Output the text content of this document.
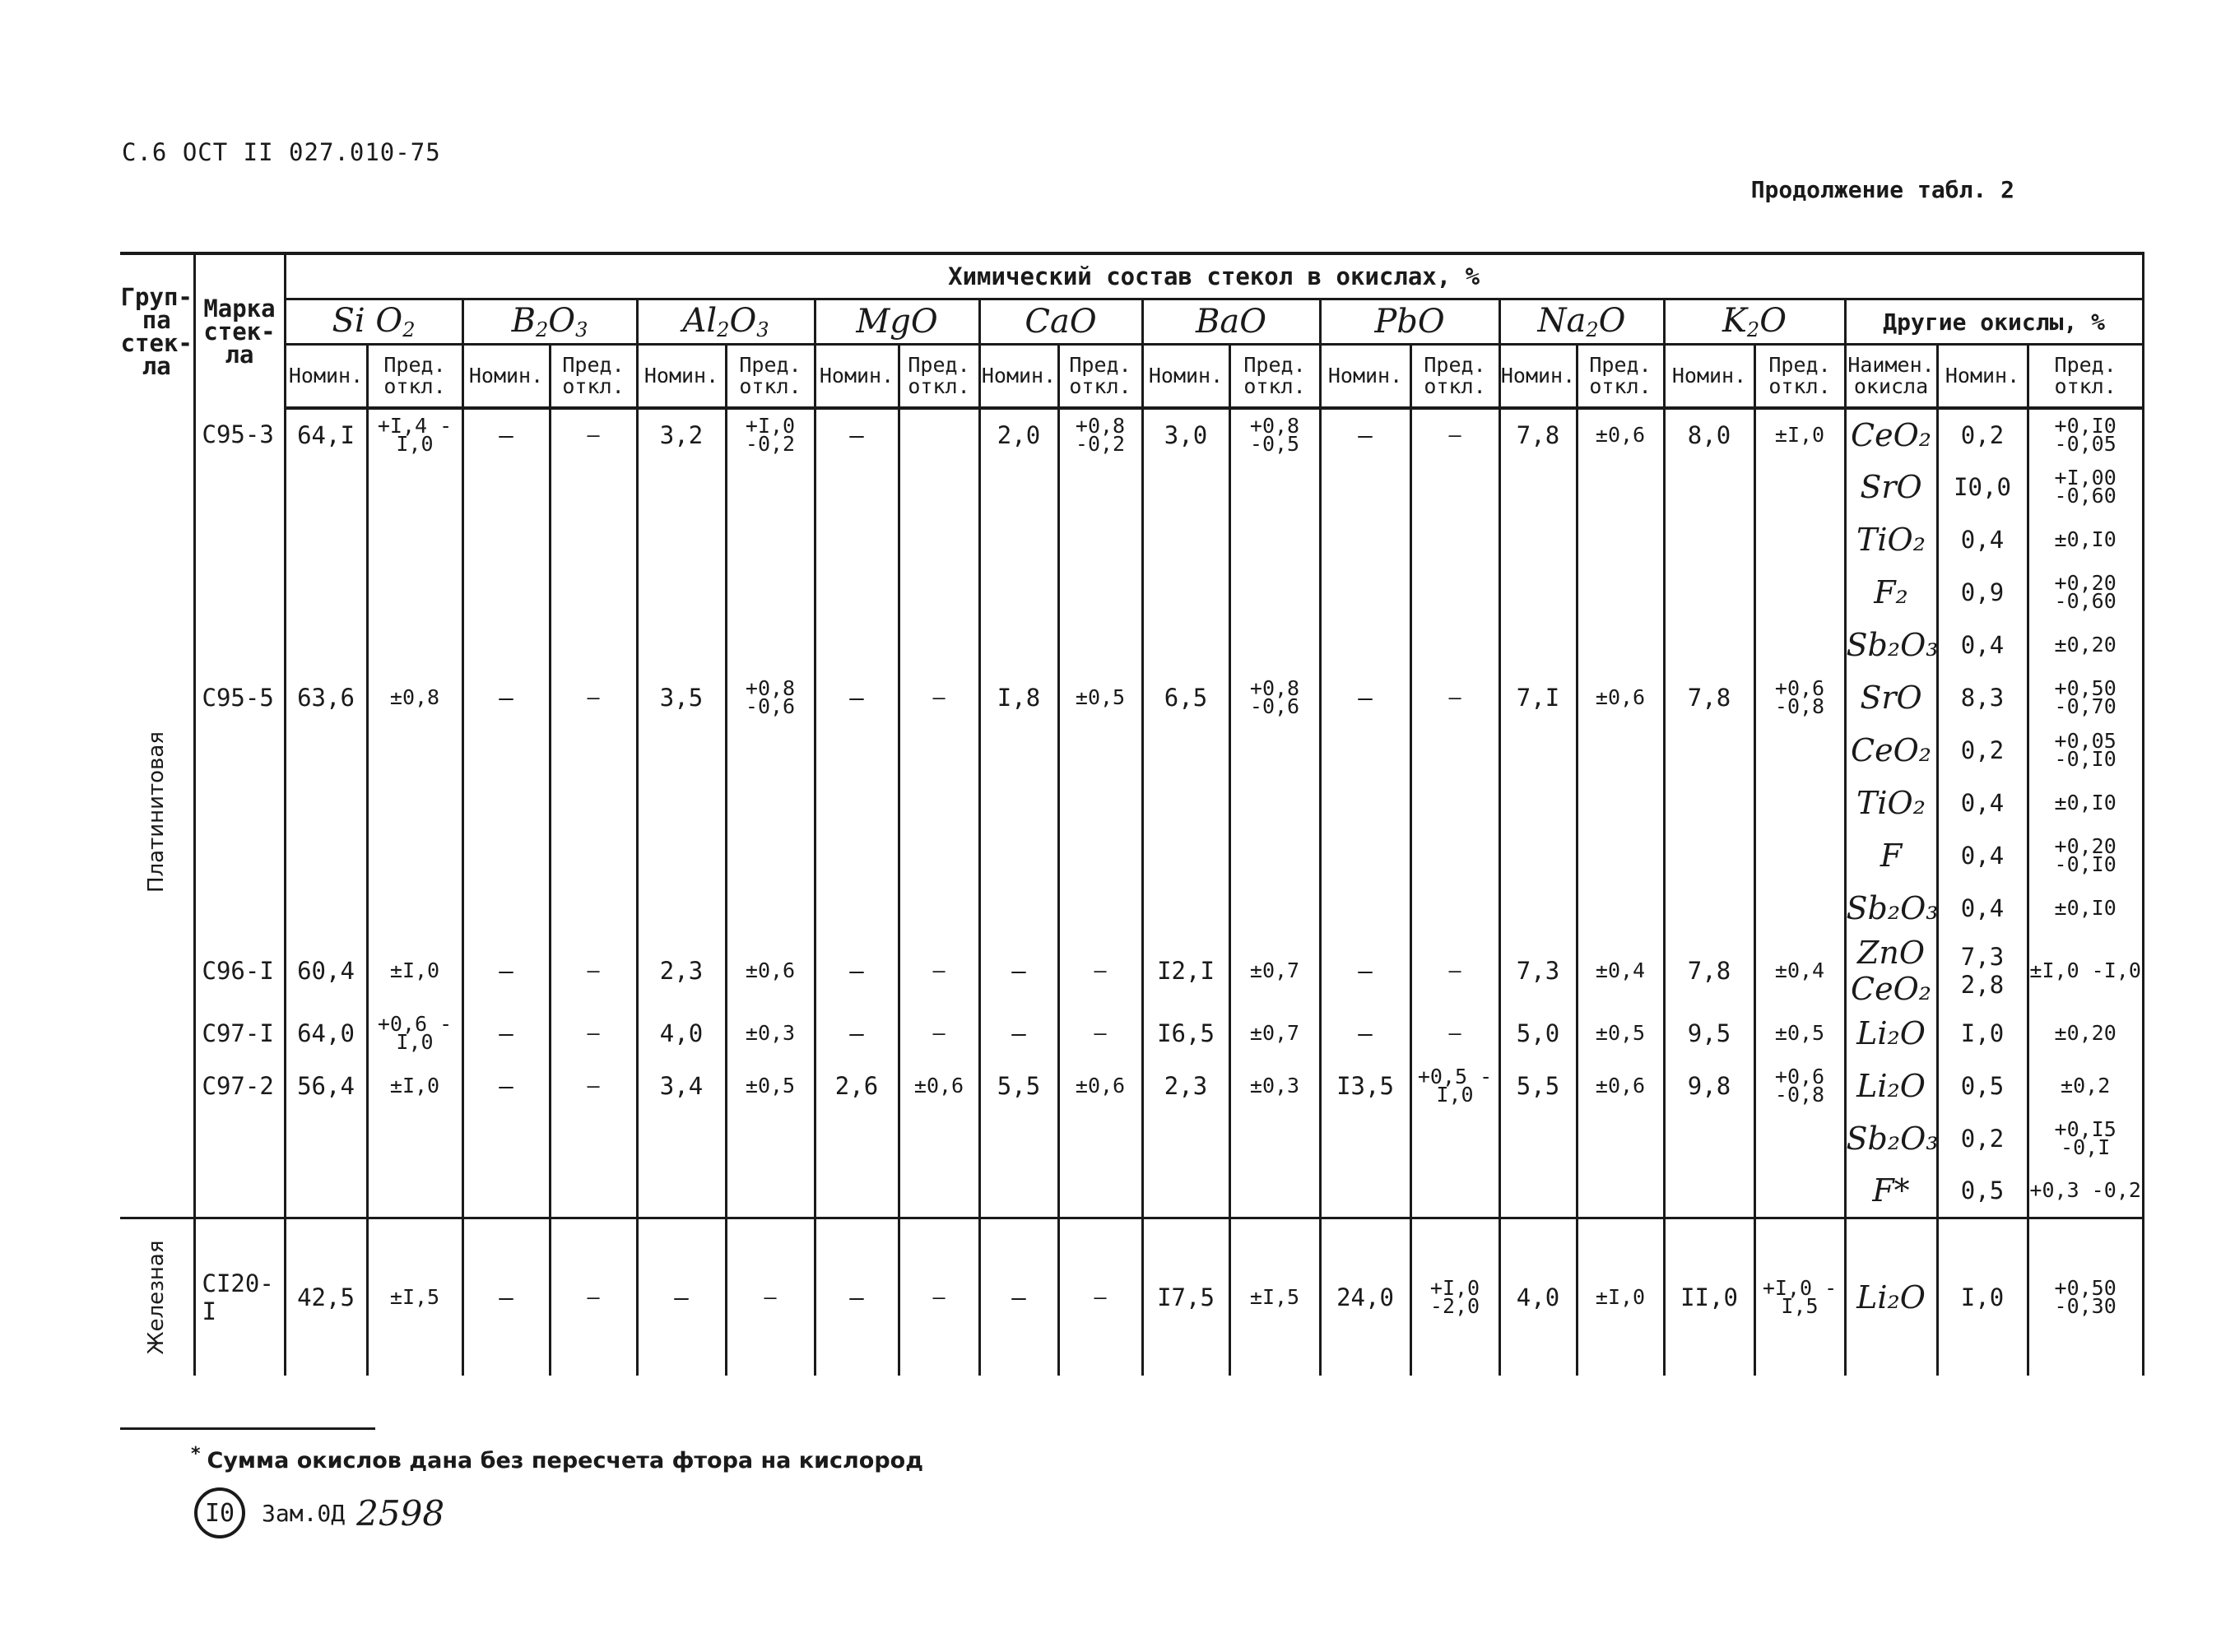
С.6 ОСТ II 027.010-75
Продолжение табл. 2
Груп-па стек-ла	Марка стек-ла	Химический состав стекол в окислах, %																				
		Si $O_2$		$B_2O_3$		$Al_2O_3$		MgO		CaO		BaO		PbO		$Na_2O$		$K_2O$		Другие окислы, %		
		Номин.	Пред. откл.	Номин.	Пред. откл.	Номин.	Пред. откл.	Номин.	Пред. откл.	Номин.	Пред. откл.	Номин.	Пред. откл.	Номин.	Пред. откл.	Номин.	Пред. откл.	Номин.	Пред. откл.	Наимен. окисла	Номин.	Пред. откл.

Платинитовая	С95-3	64,I	+I,4 -I,0	–	–	3,2	+I,0 -0,2	–		2,0	+0,8 -0,2	3,0	+0,8 -0,5	–	–	7,8	±0,6	8,0	±I,0	CeO₂	0,2	+0,I0 -0,05
																				SrO	I0,0	+I,00 -0,60
																				TiO₂	0,4	±0,I0
																				F₂	0,9	+0,20 -0,60
																				Sb₂O₃	0,4	±0,20
	С95-5	63,6	±0,8	–	–	3,5	+0,8 -0,6	–	–	I,8	±0,5	6,5	+0,8 -0,6	–	–	7,I	±0,6	7,8	+0,6 -0,8	SrO	8,3	+0,50 -0,70
																				CeO₂	0,2	+0,05 -0,I0
																				TiO₂	0,4	±0,I0
																				F	0,4	+0,20 -0,I0
																				Sb₂O₃	0,4	±0,I0
	С96-I	60,4	±I,0	–	–	2,3	±0,6	–	–	–	–	I2,I	±0,7	–	–	7,3	±0,4	7,8	±0,4	ZnO CeO₂	7,3 2,8	±I,0 -I,0
	С97-I	64,0	+0,6 -I,0	–	–	4,0	±0,3	–	–	–	–	I6,5	±0,7	–	–	5,0	±0,5	9,5	±0,5	Li₂O	I,0	±0,20
	С97-2	56,4	±I,0	–	–	3,4	±0,5	2,6	±0,6	5,5	±0,6	2,3	±0,3	I3,5	+0,5 -I,0	5,5	±0,6	9,8	+0,6 -0,8	Li₂O	0,5	±0,2
																				Sb₂O₃	0,2	+0,I5 -0,I
																				F*	0,5	+0,3 -0,2

Железная	СI20-I	42,5	±I,5	–	–	–	–	–	–	–	–	I7,5	±I,5	24,0	+I,0 -2,0	4,0	±I,0	II,0	+I,0 -I,5	Li₂O	I,0	+0,50 -0,30
* Сумма окислов дана без пересчета фтора на кислород
I0	Зам.0Д 2598
